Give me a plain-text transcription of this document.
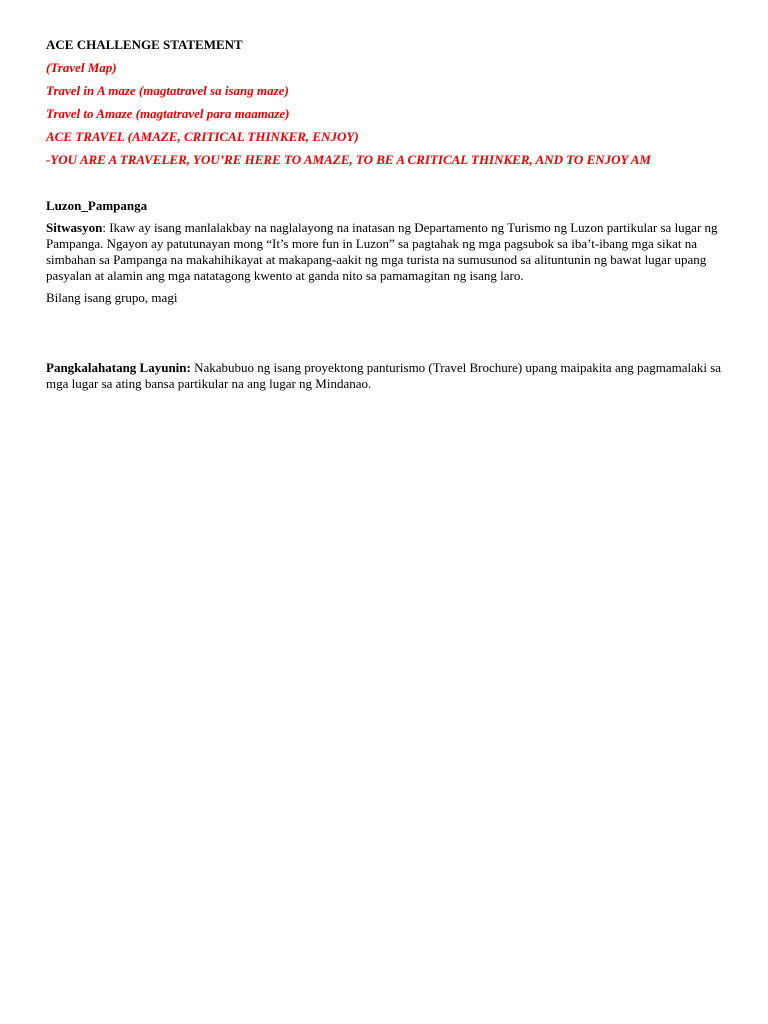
ACE CHALLENGE STATEMENT
(Travel Map)
Travel in A maze (magtatravel sa isang maze)
Travel to Amaze (magtatravel para maamaze)
ACE TRAVEL (AMAZE, CRITICAL THINKER, ENJOY)
-YOU ARE A TRAVELER, YOU’RE HERE TO AMAZE, TO BE A CRITICAL THINKER, AND TO ENJOY AM
Luzon_Pampanga

Sitwasyon: Ikaw ay isang manlalakbay na naglalayong na inatasan ng Departamento ng Turismo ng Luzon partikular sa lugar ng Pampanga. Ngayon ay patutunayan mong “It’s more fun in Luzon” sa pagtahak ng mga pagsubok sa iba’t-ibang mga sikat na simbahan sa Pampanga na makahihikayat at makapang-aakit ng mga turista na sumusunod sa alituntunin ng bawat lugar upang pasyalan at alamin ang mga natatagong kwento at ganda nito sa pamamagitan ng isang laro.

Bilang isang grupo, magi

Pangkalahatang Layunin: Nakabubuo ng isang proyektong panturismo (Travel Brochure) upang maipakita ang pagmamalaki sa mga lugar sa ating bansa partikular na ang lugar ng Mindanao.
